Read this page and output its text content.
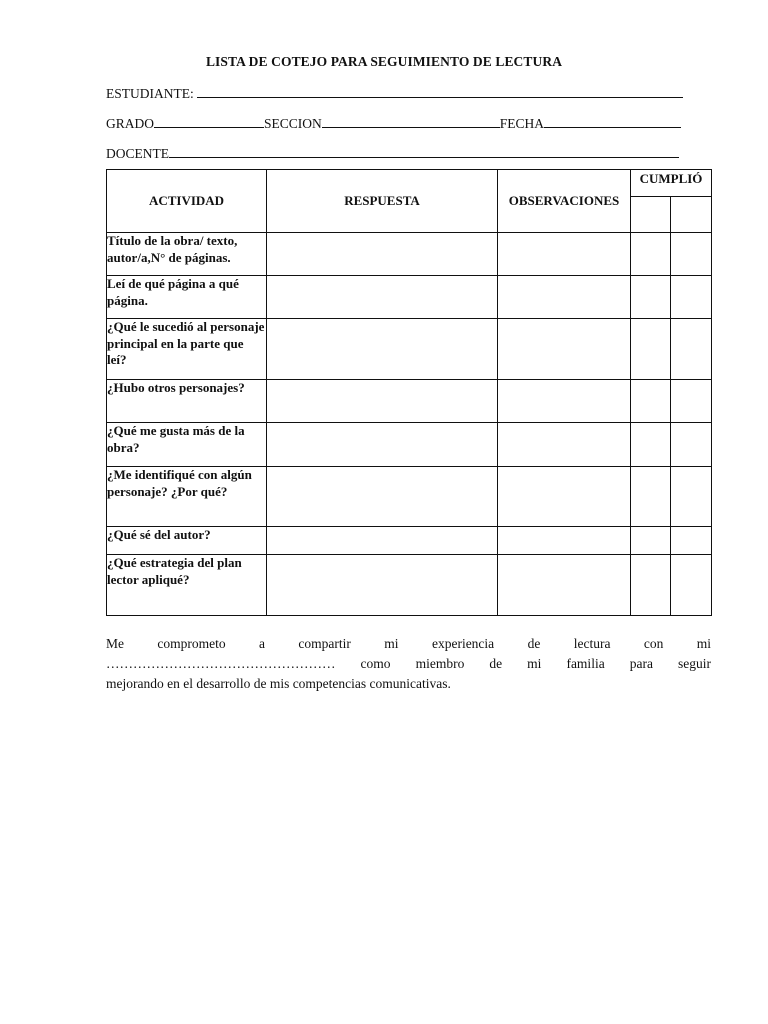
LISTA DE COTEJO PARA SEGUIMIENTO DE LECTURA
ESTUDIANTE:
GRADO	SECCION	FECHA
DOCENTE
ACTIVIDAD	RESPUESTA	OBSERVACIONES	CUMPLIÓ	

Título de la obra/ texto, autor/a,N° de páginas.				
Leí de qué página a qué página.				
¿Qué le sucedió al personaje principal en la parte que leí?				
¿Hubo otros personajes?				
¿Qué me gusta más de la obra?				
¿Me identifiqué con algún personaje? ¿Por qué?				
¿Qué sé del autor?				
¿Qué estrategia del plan lector apliqué?				

Me comprometo a compartir mi experiencia de lectura con mi

…………………………………………… como miembro de mi familia para seguir

mejorando en el desarrollo de mis competencias comunicativas.
